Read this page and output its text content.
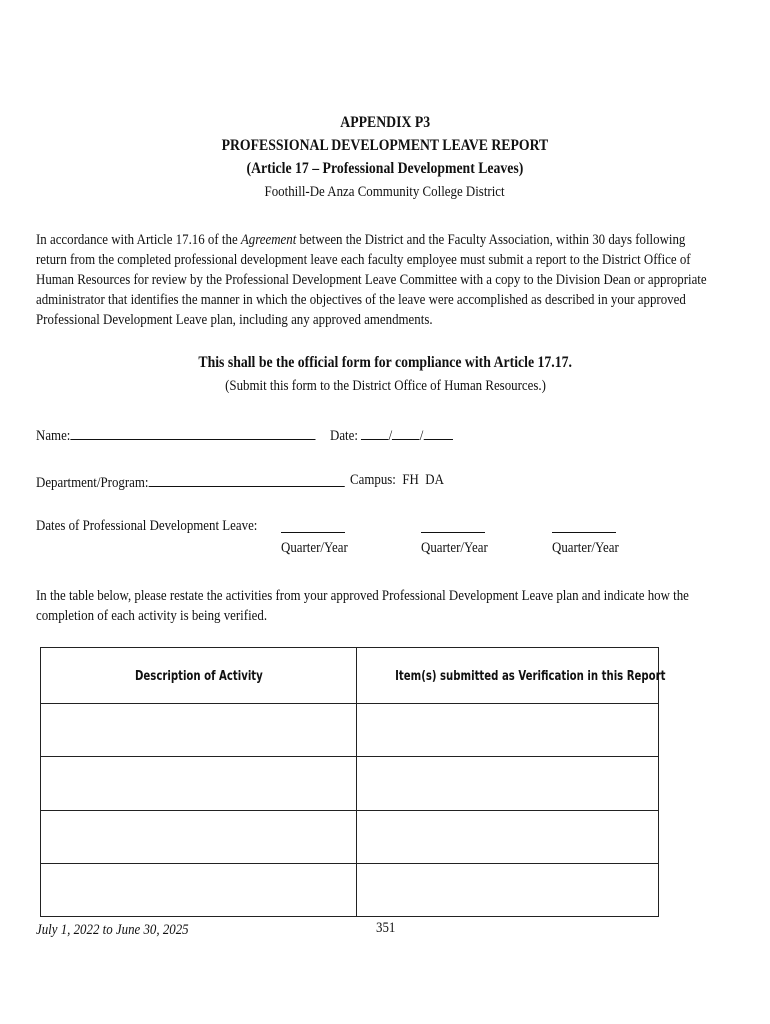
APPENDIX P3
PROFESSIONAL DEVELOPMENT LEAVE REPORT
(Article 17 – Professional Development Leaves)
Foothill-De Anza Community College District
In accordance with Article 17.16 of the Agreement between the District and the Faculty Association, within 30 days following return from the completed professional development leave each faculty employee must submit a report to the District Office of Human Resources for review by the Professional Development Leave Committee with a copy to the Division Dean or appropriate administrator that identifies the manner in which the objectives of the leave were accomplished as described in your approved Professional Development Leave plan, including any approved amendments.
This shall be the official form for compliance with Article 17.17.
(Submit this form to the District Office of Human Resources.)
Name:	Date: / /
Department/Program:	Campus: FH DA
Dates of Professional Development Leave:
Quarter/Year	Quarter/Year	Quarter/Year
In the table below, please restate the activities from your approved Professional Development Leave plan and indicate how the completion of each activity is being verified.
Description of Activity	Item(s) submitted as Verification in this Report

July 1, 2022 to June 30, 2025	351
